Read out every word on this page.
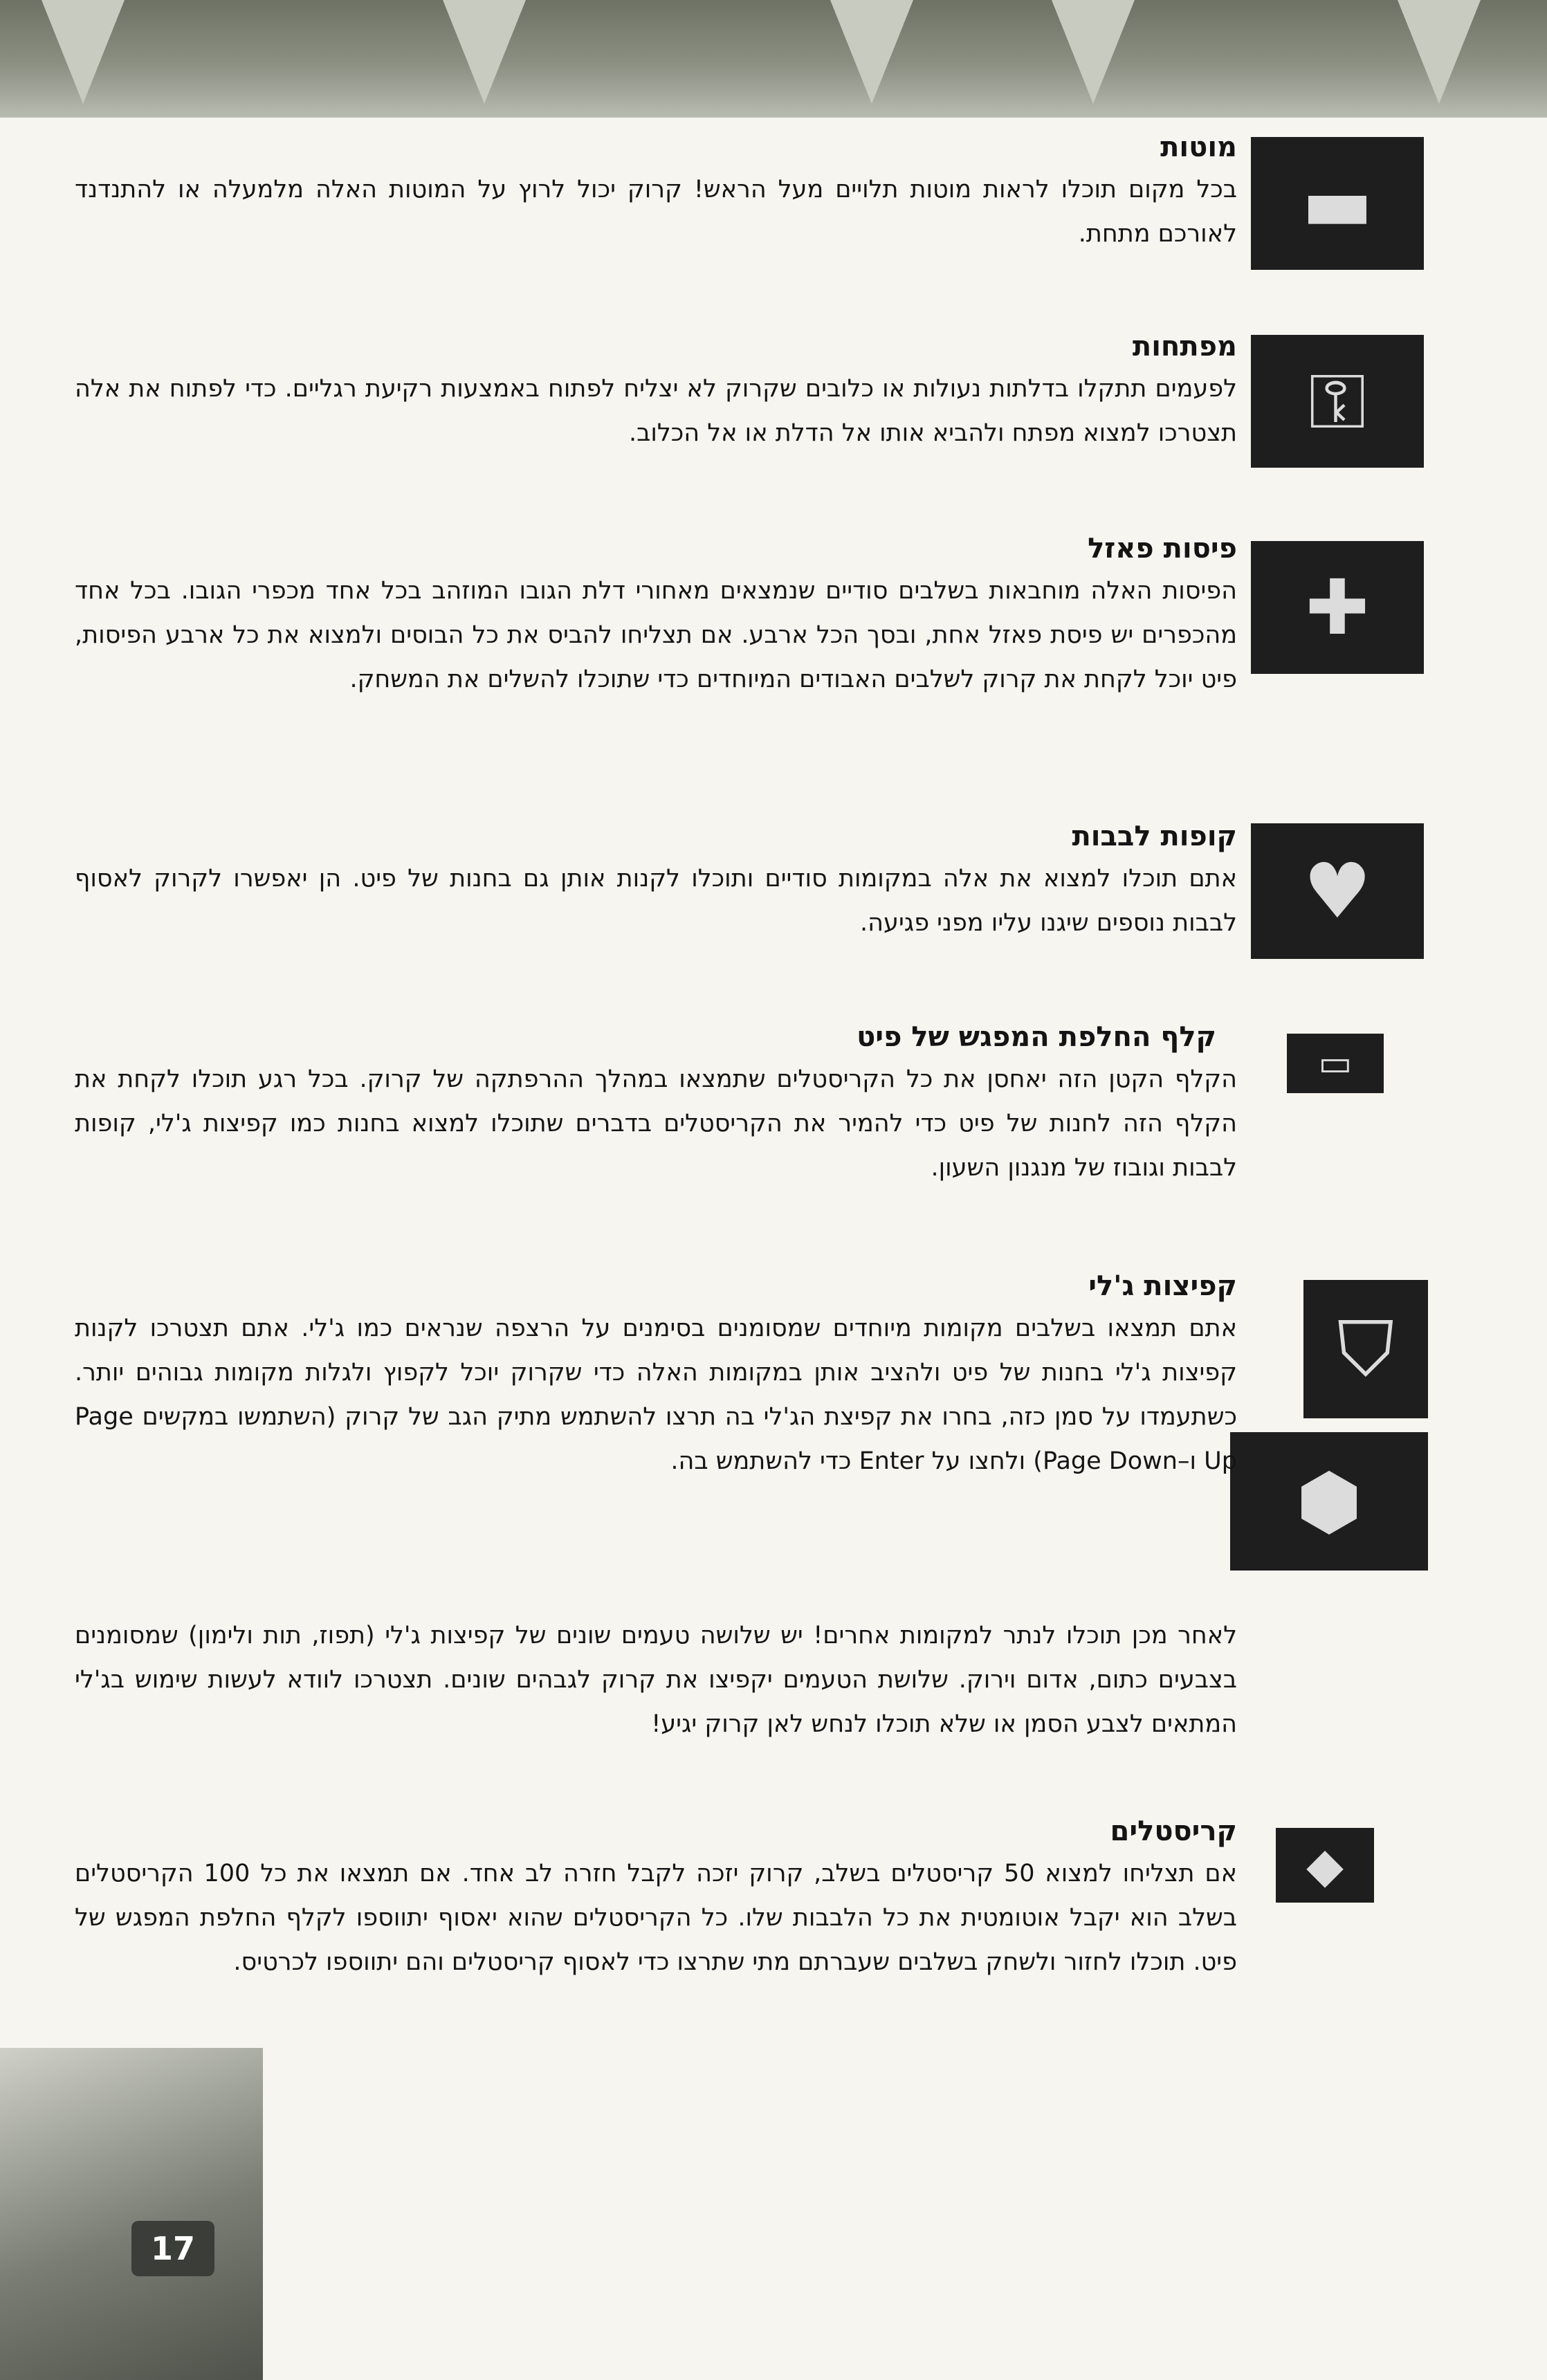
▬
מוטות

בכל מקום תוכלו לראות מוטות תלויים מעל הראש! קרוק יכול לרוץ על המוטות האלה מלמעלה או להתנדנד לאורכם מתחת.

⚿
מפתחות

לפעמים תתקלו בדלתות נעולות או כלובים שקרוק לא יצליח לפתוח באמצעות רקיעת רגליים. כדי לפתוח את אלה תצטרכו למצוא מפתח ולהביא אותו אל הדלת או אל הכלוב.

✚
פיסות פאזל

הפיסות האלה מוחבאות בשלבים סודיים שנמצאים מאחורי דלת הגובו המוזהב בכל אחד מכפרי הגובו. בכל אחד מהכפרים יש פיסת פאזל אחת, ובסך הכל ארבע. אם תצליחו להביס את כל הבוסים ולמצוא את כל ארבע הפיסות, פיט יוכל לקחת את קרוק לשלבים האבודים המיוחדים כדי שתוכלו להשלים את המשחק.

♥
קופות לבבות

אתם תוכלו למצוא את אלה במקומות סודיים ותוכלו לקנות אותן גם בחנות של פיט. הן יאפשרו לקרוק לאסוף לבבות נוספים שיגנו עליו מפני פגיעה.

▭
קלף החלפת המפגש של פיט

הקלף הקטן הזה יאחסן את כל הקריסטלים שתמצאו במהלך ההרפתקה של קרוק. בכל רגע תוכלו לקחת את הקלף הזה לחנות של פיט כדי להמיר את הקריסטלים בדברים שתוכלו למצוא בחנות כמו קפיצות ג'לי, קופות לבבות וגובוז של מנגנון השעון.

⛉
⬢
קפיצות ג'לי

אתם תמצאו בשלבים מקומות מיוחדים שמסומנים בסימנים על הרצפה שנראים כמו ג'לי. אתם תצטרכו לקנות קפיצות ג'לי בחנות של פיט ולהציב אותן במקומות האלה כדי שקרוק יוכל לקפוץ ולגלות מקומות גבוהים יותר. כשתעמדו על סמן כזה, בחרו את קפיצת הג'לי בה תרצו להשתמש מתיק הגב של קרוק (השתמשו במקשים Page Up ו–Page Down) ולחצו על Enter כדי להשתמש בה.

לאחר מכן תוכלו לנתר למקומות אחרים! יש שלושה טעמים שונים של קפיצות ג'לי (תפוז, תות ולימון) שמסומנים בצבעים כתום, אדום וירוק. שלושת הטעמים יקפיצו את קרוק לגבהים שונים. תצטרכו לוודא לעשות שימוש בג'לי המתאים לצבע הסמן או שלא תוכלו לנחש לאן קרוק יגיע!

◆
קריסטלים

אם תצליחו למצוא 50 קריסטלים בשלב, קרוק יזכה לקבל חזרה לב אחד. אם תמצאו את כל 100 הקריסטלים בשלב הוא יקבל אוטומטית את כל הלבבות שלו. כל הקריסטלים שהוא יאסוף יתווספו לקלף החלפת המפגש של פיט. תוכלו לחזור ולשחק בשלבים שעברתם מתי שתרצו כדי לאסוף קריסטלים והם יתווספו לכרטיס.

17
